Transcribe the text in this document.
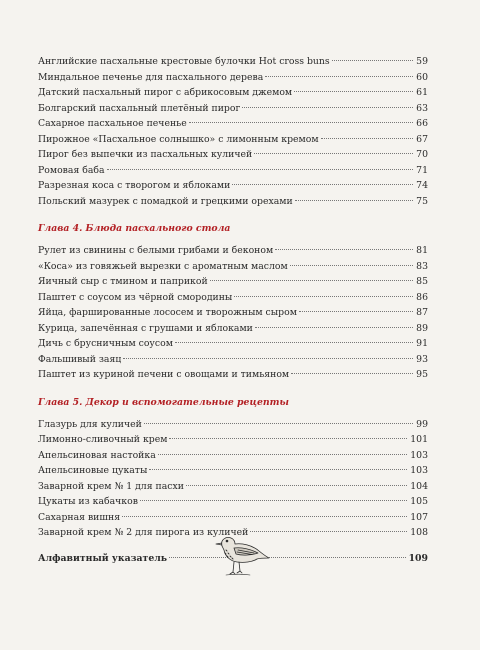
Английские пасхальные крестовые булочки Hot cross buns	59
Миндальное печенье для пасхального дерева	60
Датский пасхальный пирог с абрикосовым джемом	61
Болгарский пасхальный плетёный пирог	63
Сахарное пасхальное печенье	66
Пирожное «Пасхальное солнышко» с лимонным кремом	67
Пирог без выпечки из пасхальных куличей	70
Ромовая баба	71
Разрезная коса с творогом и яблоками	74
Польский мазурек с помадкой и грецкими орехами	75
Глава 4. Блюда пасхального стола
Рулет из свинины с белыми грибами и беконом	81
«Коса» из говяжьей вырезки с ароматным маслом	83
Яичный сыр с тмином и паприкой	85
Паштет с соусом из чёрной смородины	86
Яйца, фаршированные лососем и творожным сыром	87
Курица, запечённая с грушами и яблоками	89
Дичь с брусничным соусом	91
Фальшивый заяц	93
Паштет из куриной печени с овощами и тимьяном	95
Глава 5. Декор и вспомогательные рецепты
Глазурь для куличей	99
Лимонно-сливочный крем	101
Апельсиновая настойка	103
Апельсиновые цукаты	103
Заварной крем № 1 для пасхи	104
Цукаты из кабачков	105
Сахарная вишня	107
Заварной крем № 2 для пирога из куличей	108
Алфавитный указатель	109
